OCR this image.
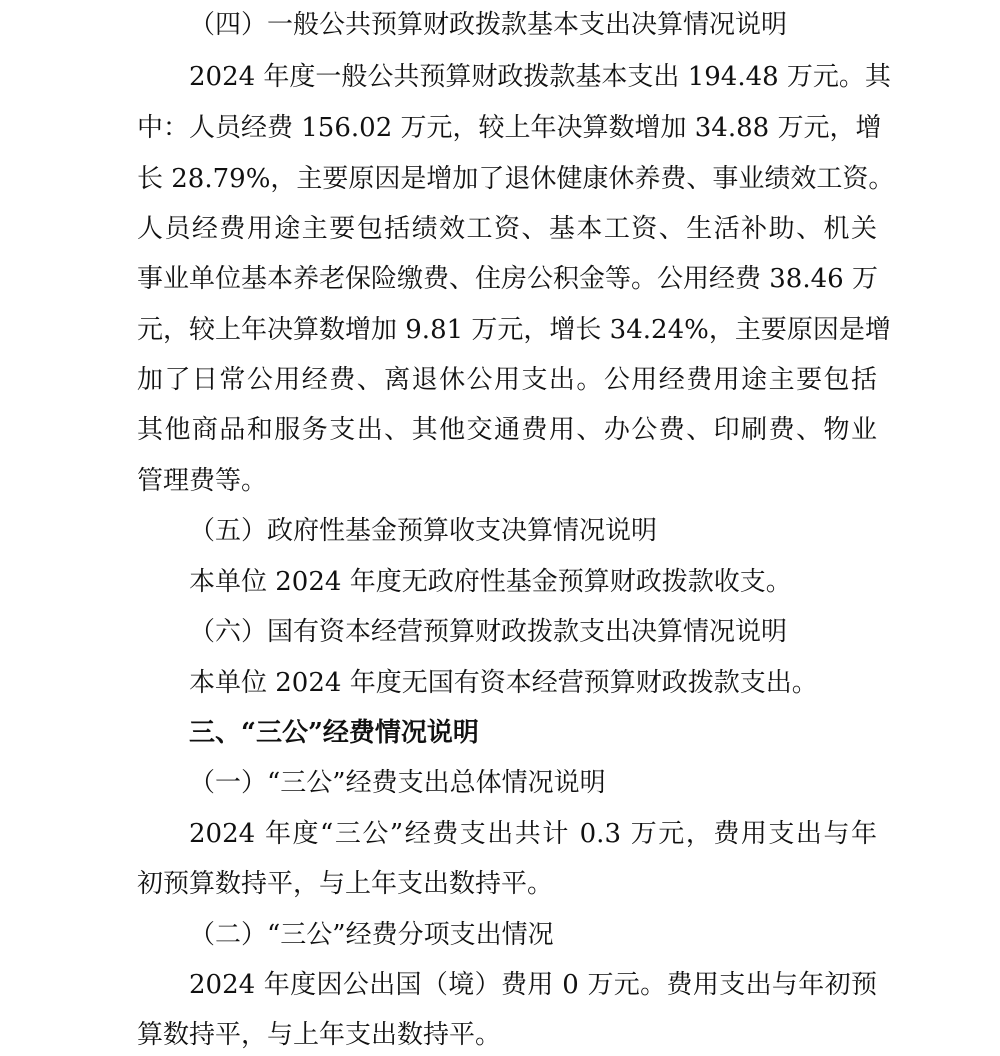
（四）一般公共预算财政拨款基本支出决算情况说明
2024 年度一般公共预算财政拨款基本支出 194.48 万元。其
中：人员经费 156.02 万元，较上年决算数增加 34.88 万元，增
长 28.79%，主要原因是增加了退休健康休养费、事业绩效工资。
人员经费用途主要包括绩效工资、基本工资、生活补助、机关
事业单位基本养老保险缴费、住房公积金等。公用经费 38.46 万
元，较上年决算数增加 9.81 万元，增长 34.24%，主要原因是增
加了日常公用经费、离退休公用支出。公用经费用途主要包括
其他商品和服务支出、其他交通费用、办公费、印刷费、物业
管理费等。
（五）政府性基金预算收支决算情况说明
本单位 2024 年度无政府性基金预算财政拨款收支。
（六）国有资本经营预算财政拨款支出决算情况说明
本单位 2024 年度无国有资本经营预算财政拨款支出。
三、“三公”经费情况说明
（一）“三公”经费支出总体情况说明
2024 年度“三公”经费支出共计 0.3 万元，费用支出与年
初预算数持平，与上年支出数持平。
（二）“三公”经费分项支出情况
2024 年度因公出国（境）费用 0 万元。费用支出与年初预
算数持平，与上年支出数持平。
